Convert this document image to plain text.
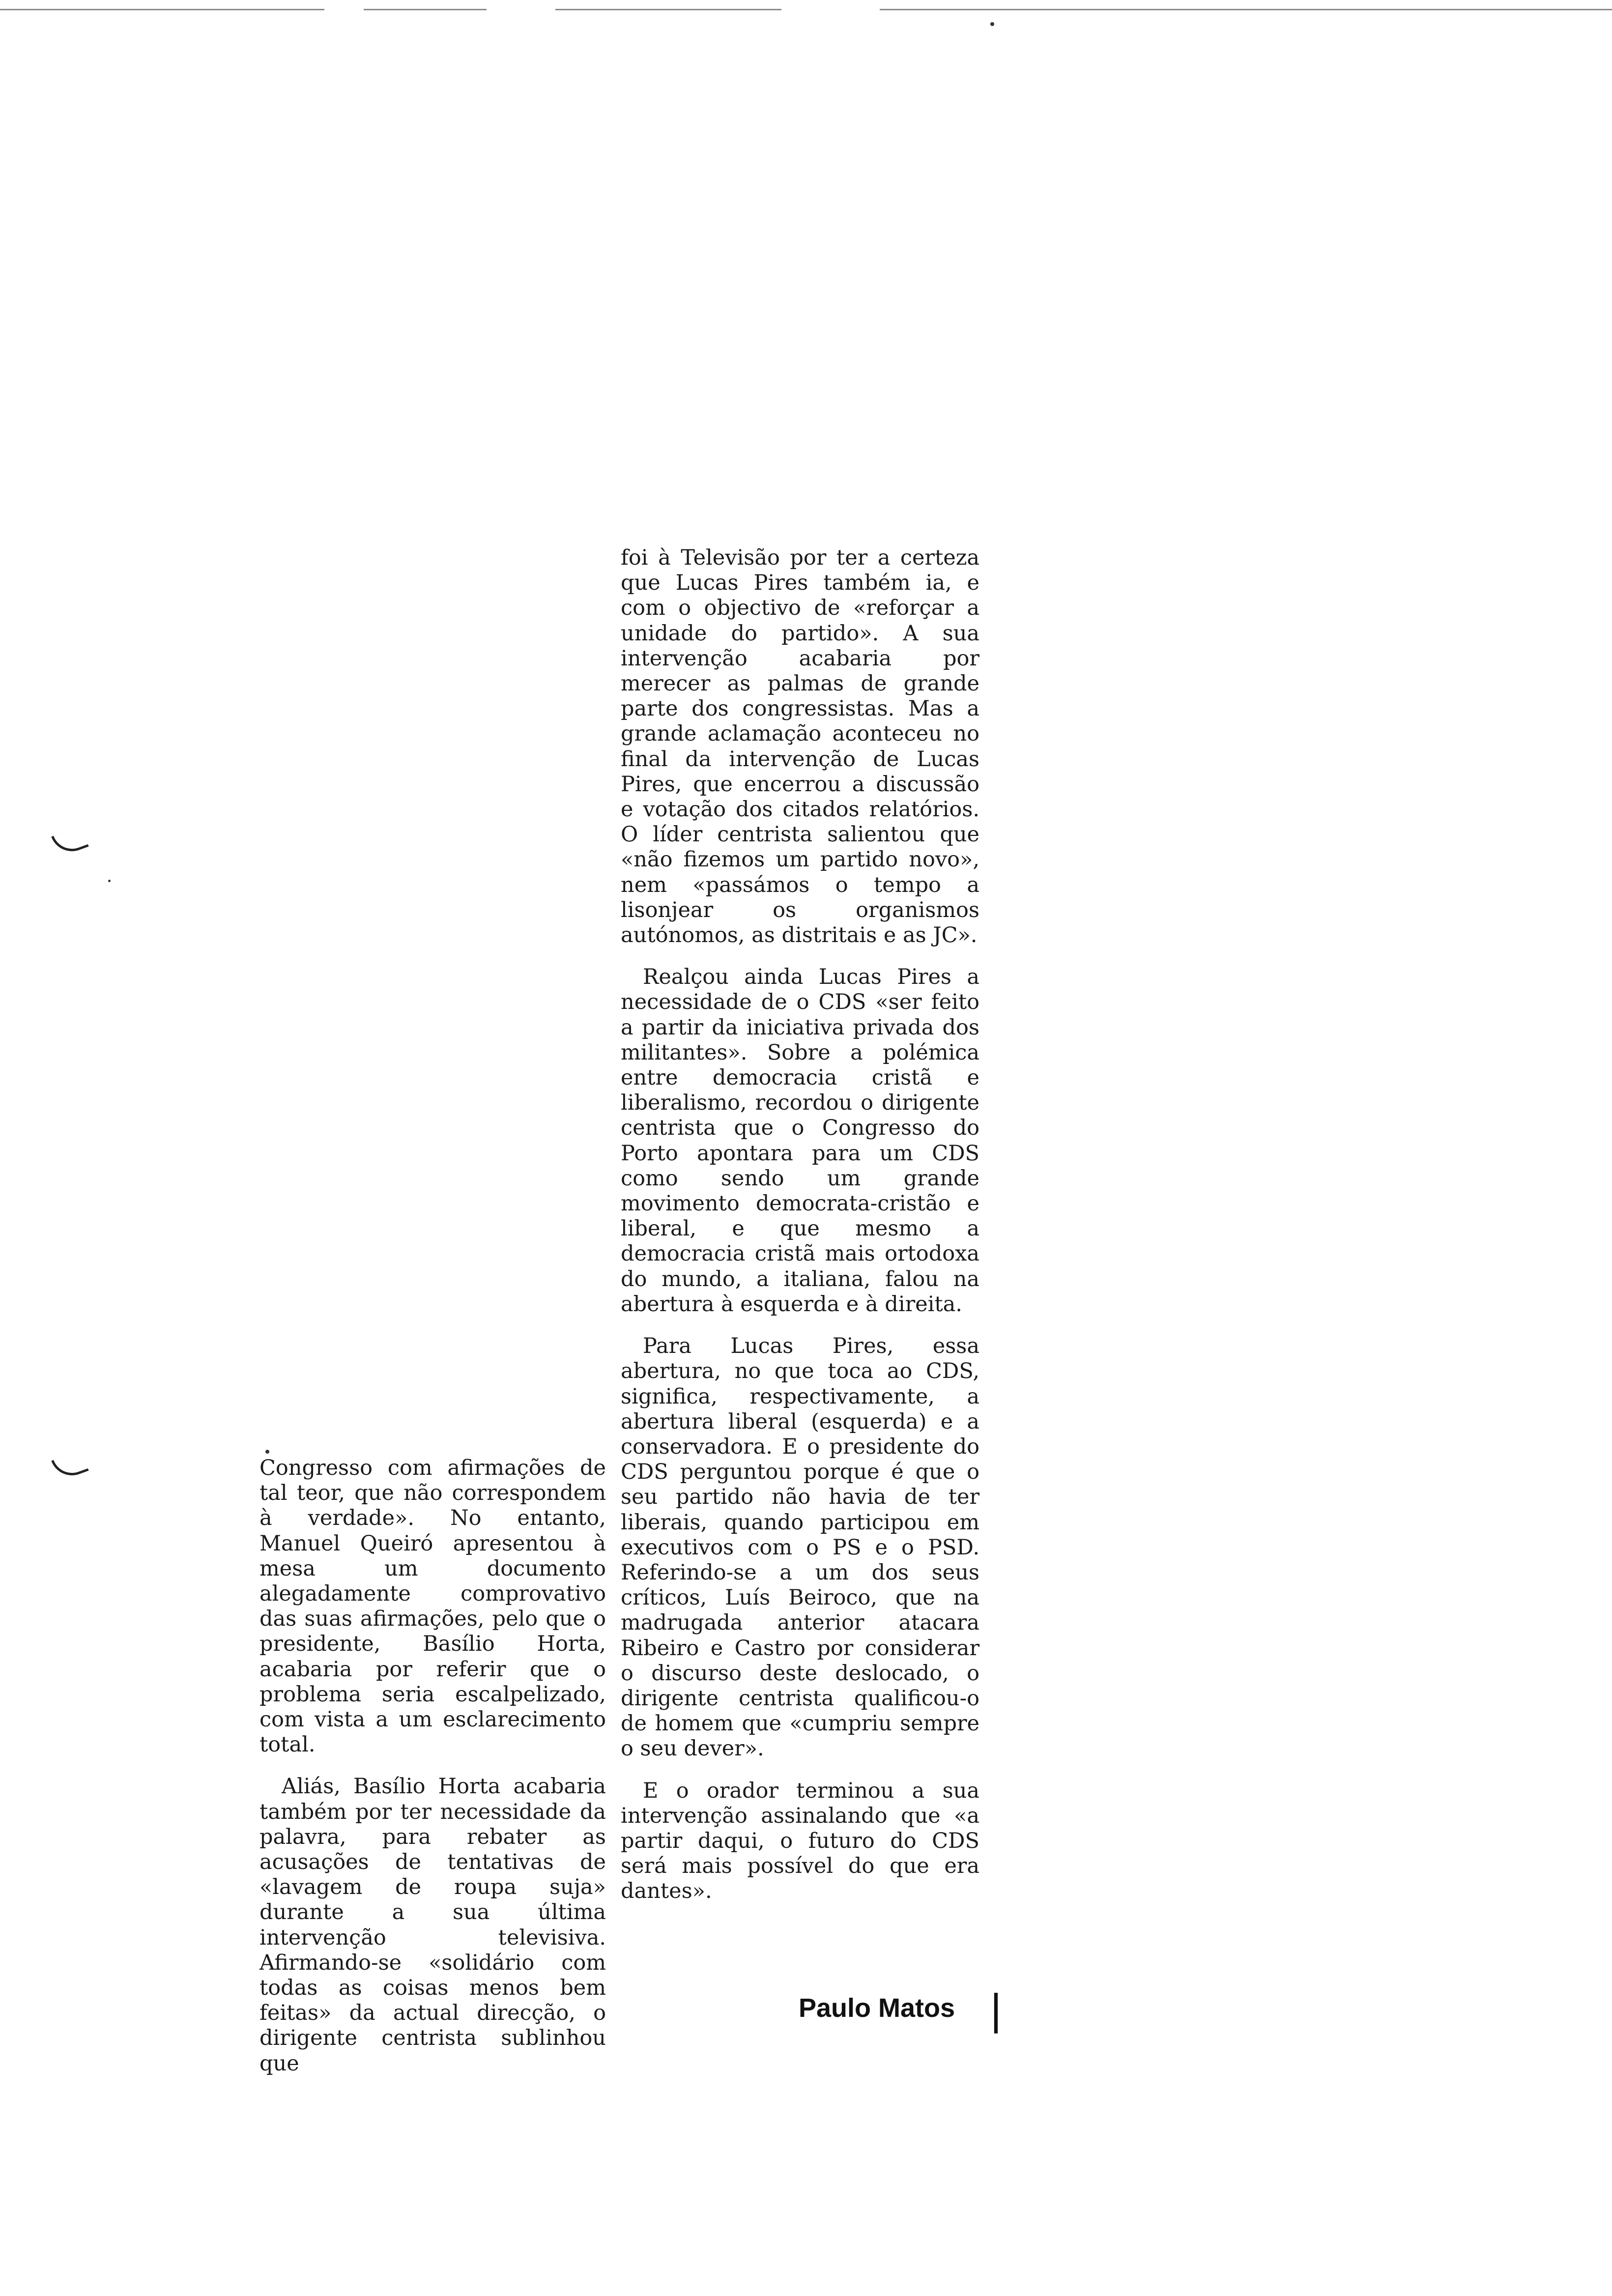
Congresso com afirmações de tal teor, que não correspondem à verdade». No entanto, Manuel Queiró apresentou à mesa um documento alegadamente comprovativo das suas afirmações, pelo que o presidente, Basílio Horta, acabaria por referir que o problema seria escalpelizado, com vista a um esclarecimento total.

Aliás, Basílio Horta acabaria também por ter necessidade da palavra, para rebater as acusações de tentativas de «lavagem de roupa suja» durante a sua última intervenção televisiva. Afirmando-se «solidário com todas as coisas menos bem feitas» da actual direcção, o dirigente centrista sublinhou que

foi à Televisão por ter a certeza que Lucas Pires também ia, e com o objectivo de «reforçar a unidade do partido». A sua intervenção acabaria por merecer as palmas de grande parte dos congressistas. Mas a grande aclamação aconteceu no final da intervenção de Lucas Pires, que encerrou a discussão e votação dos citados relatórios. O líder centrista salientou que «não fizemos um partido novo», nem «passámos o tempo a lisonjear os organismos autónomos, as distritais e as JC».

Realçou ainda Lucas Pires a necessidade de o CDS «ser feito a partir da iniciativa privada dos militantes». Sobre a polémica entre democracia cristã e liberalismo, recordou o dirigente centrista que o Congresso do Porto apontara para um CDS como sendo um grande movimento democrata-cristão e liberal, e que mesmo a democracia cristã mais ortodoxa do mundo, a italiana, falou na abertura à esquerda e à direita.

Para Lucas Pires, essa abertura, no que toca ao CDS, significa, respectivamente, a abertura liberal (esquerda) e a conservadora. E o presidente do CDS perguntou porque é que o seu partido não havia de ter liberais, quando participou em executivos com o PS e o PSD. Referindo-se a um dos seus críticos, Luís Beiroco, que na madrugada anterior atacara Ribeiro e Castro por considerar o discurso deste deslocado, o dirigente centrista qualificou-o de homem que «cumpriu sempre o seu dever».

E o orador terminou a sua intervenção assinalando que «a partir daqui, o futuro do CDS será mais possível do que era dantes».

Paulo Matos |
